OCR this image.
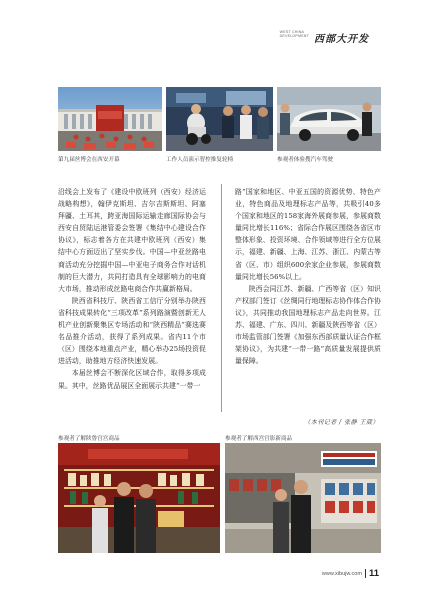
WEST CHINA
DEVELOPMENT 西部大开发
第九届丝博会在西安开幕	工作人员演示智控推复轮椅	参观者体验搜汽车驾驶

沿线会上发布了《建设中欧班列（西安）经济运战略构想》，翰伊克斯坦、吉尔吉斯斯坦、阿塞拜疆、土耳其，跨亚海国际运输走廊国际协会与西安自贸陆运港管委会签署《集结中心建设合作协议》，标志着各方在共建中欧班列（西安）集结中心方面迈出了坚实步伐。中国—中亚丝路电商活动充分挖掘中国—中亚电子商务合作对话机制的巨大潜力，共同打造具有全球影响力的电商大市场，推动形成丝路电商合作共赢新格局。

陕西省科技厅、陕西省工信厅分别举办陕西省科技成果转化“三项改革”系列路演暨创新无人机产业创新聚集区专场活动和“陕西精品”赛选赛名品推介活动，获得了系列成果。省内11个市（区）围绕本地重点产业，精心举办25场投资促进活动，助推地方经济快速发展。

本届丝博会不断深化区域合作，取得多项成果。其中，丝路优品展区全面展示共建“一带一

路”国家和地区、中亚五国的资源优势、特色产业，特色商品及地理标志产品等，共吸引40多个国家和地区的158家海外展商参展，参展商数量同比增长116%；省际合作展区围绕各省区市整体形象、投资环境、合作领域等进行全方位展示，福建、新疆、上海、江苏、浙江、内蒙古等省（区、市）组织600余家企业参展，参展商数量同比增长56%以上。

陕西会同江苏、新疆、广西等省（区）知识产权部门签订《丝绸同行地理标志协作体合作协议》，共同推动我国地理标志产品走向世界。江苏、福建、广东、四川、新疆及陕西等省（区）市场监管部门签署《加强东西部质量认证合作框架协议》，为共建“一带一路”高质量发展提供质量保障。

（本刊记者 / 张静 王葳）
参观者了解陕鲁宫宫商品	参观者了解西宫宫影新商品
www.xibujw.com 11
